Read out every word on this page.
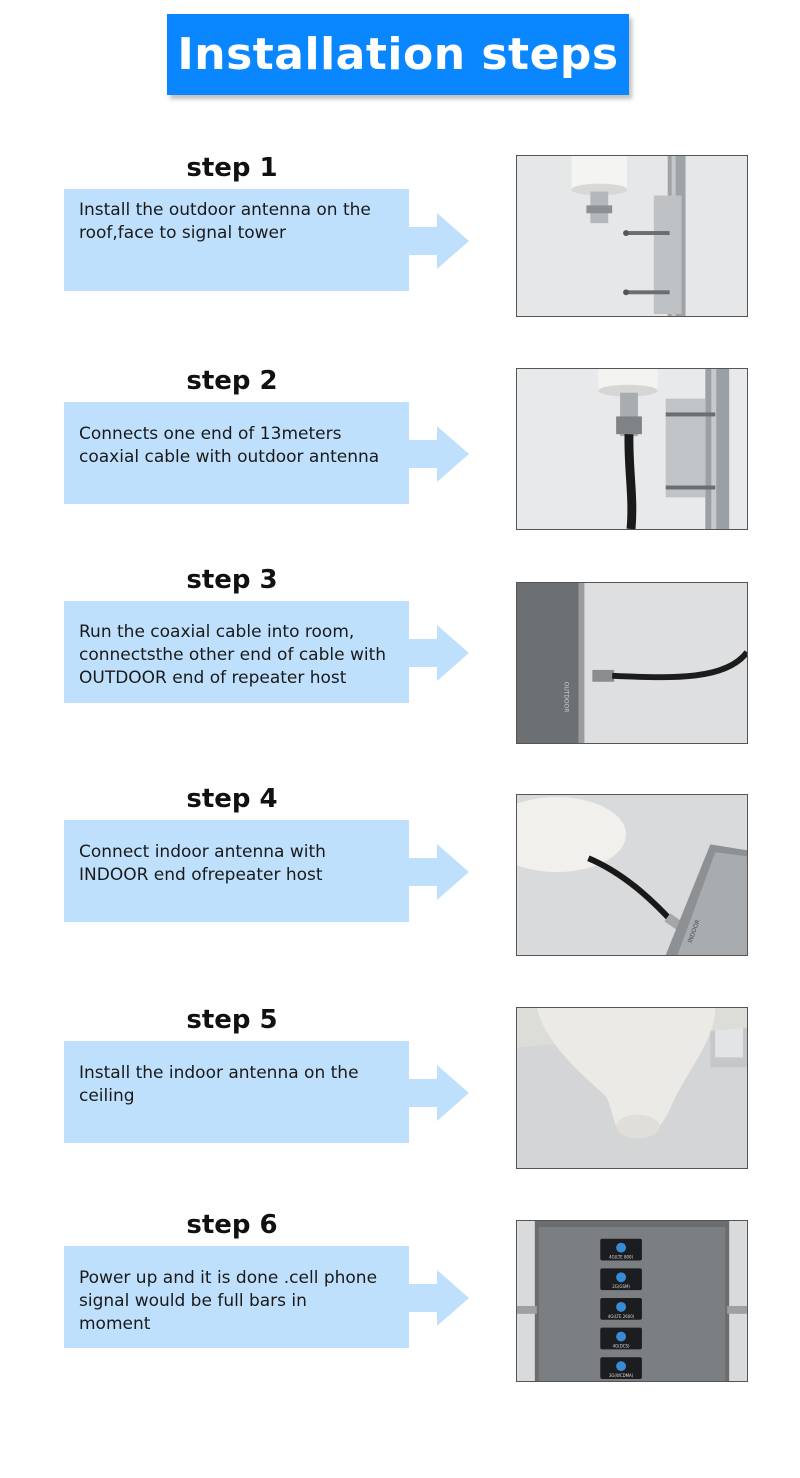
Installation steps
step 1
Install the outdoor antenna on the
roof,face to signal tower
step 2
Connects one end of 13meters
coaxial cable with outdoor antenna
step 3
Run the coaxial cable into room,
connectsthe other end of cable with
OUTDOOR end of repeater host
OUTDOOR
step 4
Connect indoor antenna with
INDOOR end ofrepeater host
INDOOR
step 5
Install the indoor antenna on the
ceiling
step 6
Power up and it is done .cell phone
signal would be full bars in
moment
4G(LTE 800)
2G(GSM)
4G(LTE 2600)
4G(DCS)
3G(WCDMA)
